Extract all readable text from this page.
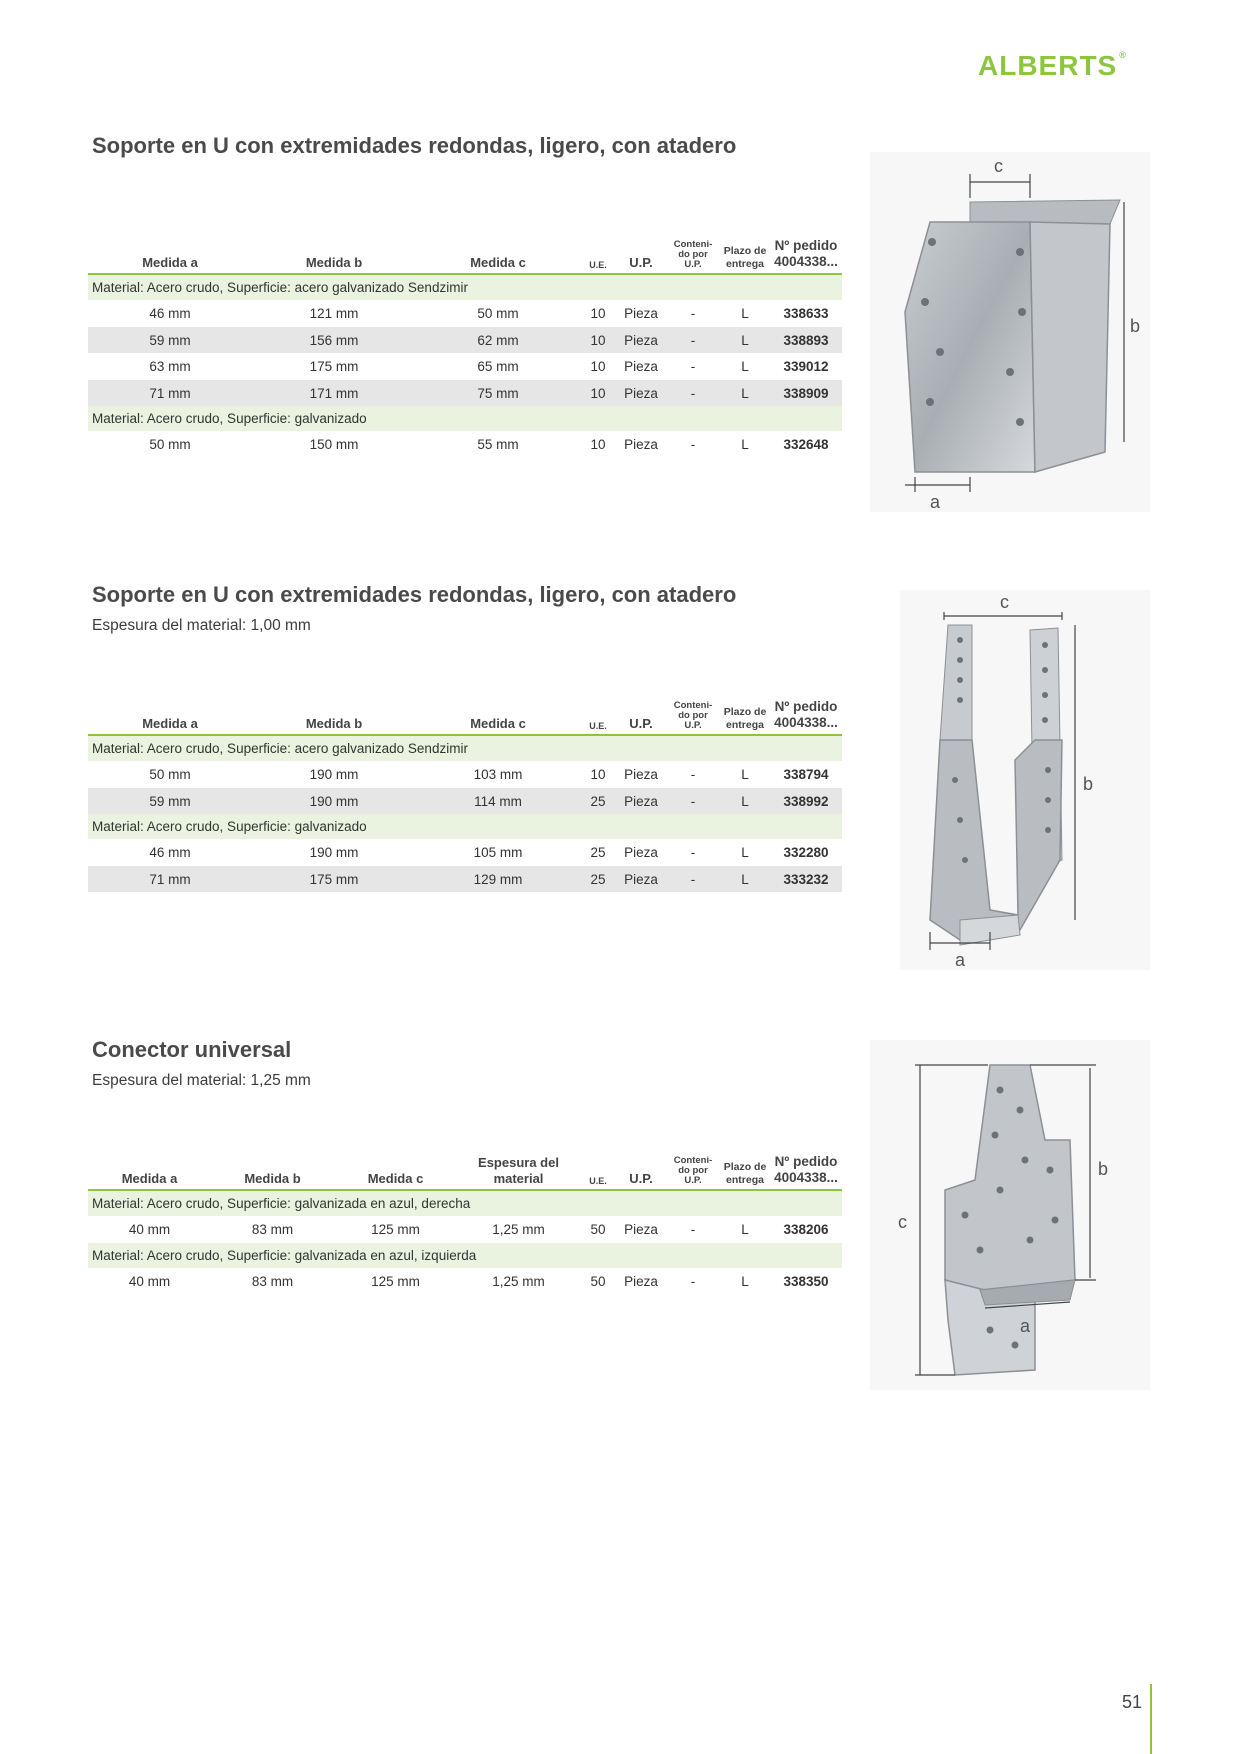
ALBERTS ®
Soporte en U con extremidades redondas, ligero, con atadero
Medida a	Medida b	Medida c	U.E.	U.P.	Conteni-
do por
U.P.	Plazo de
entrega	Nº pedido
4004338...
Material: Acero crudo, Superficie: acero galvanizado Sendzimir							
46 mm	121 mm	50 mm	10	Pieza	-	L	338633
59 mm	156 mm	62 mm	10	Pieza	-	L	338893
63 mm	175 mm	65 mm	10	Pieza	-	L	339012
71 mm	171 mm	75 mm	10	Pieza	-	L	338909
Material: Acero crudo, Superficie: galvanizado							
50 mm	150 mm	55 mm	10	Pieza	-	L	332648
c
b
a
Soporte en U con extremidades redondas, ligero, con atadero

Espesura del material: 1,00 mm

Medida a	Medida b	Medida c	U.E.	U.P.	Conteni-
do por
U.P.	Plazo de
entrega	Nº pedido
4004338...
Material: Acero crudo, Superficie: acero galvanizado Sendzimir							
50 mm	190 mm	103 mm	10	Pieza	-	L	338794
59 mm	190 mm	114 mm	25	Pieza	-	L	338992
Material: Acero crudo, Superficie: galvanizado							
46 mm	190 mm	105 mm	25	Pieza	-	L	332280
71 mm	175 mm	129 mm	25	Pieza	-	L	333232
c
b
a
Conector universal

Espesura del material: 1,25 mm

Medida a	Medida b	Medida c	Espesura del
material	U.E.	U.P.	Conteni-
do por
U.P.	Plazo de
entrega	Nº pedido
4004338...
Material: Acero crudo, Superficie: galvanizada en azul, derecha								
40 mm	83 mm	125 mm	1,25 mm	50	Pieza	-	L	338206
Material: Acero crudo, Superficie: galvanizada en azul, izquierda								
40 mm	83 mm	125 mm	1,25 mm	50	Pieza	-	L	338350
c
b
a
51
